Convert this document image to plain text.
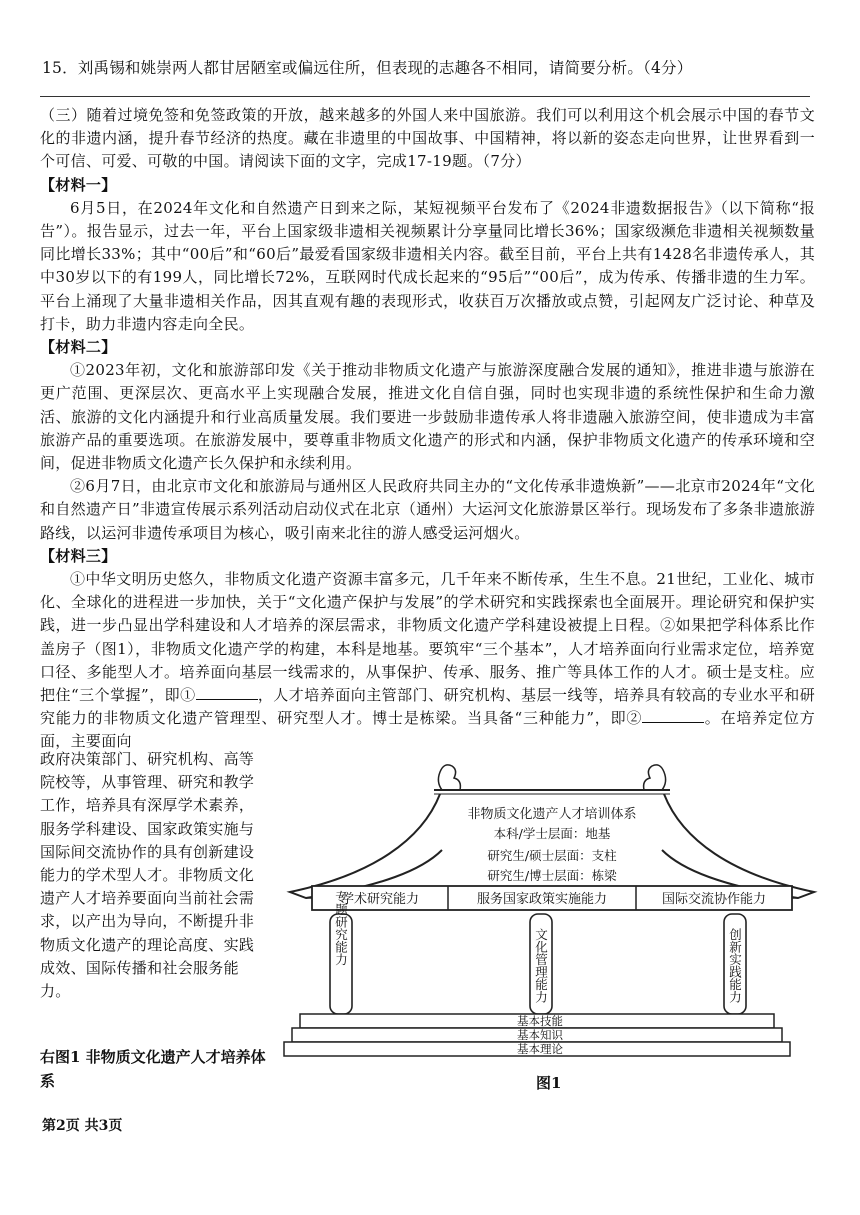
15．刘禹锡和姚崇两人都甘居陋室或偏远住所，但表现的志趣各不相同，请简要分析。（4分）

（三）随着过境免签和免签政策的开放，越来越多的外国人来中国旅游。我们可以利用这个机会展示中国的春节文化的非遗内涵，提升春节经济的热度。藏在非遗里的中国故事、中国精神，将以新的姿态走向世界，让世界看到一个可信、可爱、可敬的中国。请阅读下面的文字，完成17-19题。（7分）

【材料一】

6月5日，在2024年文化和自然遗产日到来之际，某短视频平台发布了《2024非遗数据报告》（以下简称“报告”）。报告显示，过去一年，平台上国家级非遗相关视频累计分享量同比增长36%；国家级濒危非遗相关视频数量同比增长33%；其中“00后”和“60后”最爱看国家级非遗相关内容。截至目前，平台上共有1428名非遗传承人，其中30岁以下的有199人，同比增长72%，互联网时代成长起来的“95后”“00后”，成为传承、传播非遗的生力军。平台上涌现了大量非遗相关作品，因其直观有趣的表现形式，收获百万次播放或点赞，引起网友广泛讨论、种草及打卡，助力非遗内容走向全民。

【材料二】

①2023年初，文化和旅游部印发《关于推动非物质文化遗产与旅游深度融合发展的通知》，推进非遗与旅游在更广范围、更深层次、更高水平上实现融合发展，推进文化自信自强，同时也实现非遗的系统性保护和生命力激活、旅游的文化内涵提升和行业高质量发展。我们要进一步鼓励非遗传承人将非遗融入旅游空间，使非遗成为丰富旅游产品的重要选项。在旅游发展中，要尊重非物质文化遗产的形式和内涵，保护非物质文化遗产的传承环境和空间，促进非物质文化遗产长久保护和永续利用。

②6月7日，由北京市文化和旅游局与通州区人民政府共同主办的“文化传承非遗焕新”——北京市2024年“文化和自然遗产日”非遗宣传展示系列活动启动仪式在北京（通州）大运河文化旅游景区举行。现场发布了多条非遗旅游路线，以运河非遗传承项目为核心，吸引南来北往的游人感受运河烟火。

【材料三】

①中华文明历史悠久，非物质文化遗产资源丰富多元，几千年来不断传承，生生不息。21世纪，工业化、城市化、全球化的进程进一步加快，关于“文化遗产保护与发展”的学术研究和实践探索也全面展开。理论研究和保护实践，进一步凸显出学科建设和人才培养的深层需求，非物质文化遗产学科建设被提上日程。②如果把学科体系比作盖房子（图1），非物质文化遗产学的构建，本科是地基。要筑牢“三个基本”，人才培养面向行业需求定位，培养宽口径、多能型人才。培养面向基层一线需求的，从事保护、传承、服务、推广等具体工作的人才。硕士是支柱。应把住“三个掌握”，即①	，人才培养面向主管部门、研究机构、基层一线等，培养具有较高的专业水平和研究能力的非物质文化遗产管理型、研究型人才。博士是栋梁。当具备“三种能力”，即②	。在培养定位方面，主要面向

政府决策部门、研究机构、高等院校等，从事管理、研究和教学工作，培养具有深厚学术素养，服务学科建设、国家政策实施与国际间交流协作的具有创新建设能力的学术型人才。非物质文化遗产人才培养要面向当前社会需求，以产出为导向，不断提升非物质文化遗产的理论高度、实践成效、国际传播和社会服务能力。

右图1 非物质文化遗产人才培养体系
非物质文化遗产人才培训体系
本科/学士层面：地基
研究生/硕士层面：支柱
研究生/博士层面：栋梁
学术研究能力	服务国家政策实施能力	国际交流协作能力
专题研究能力	文化管理能力	创新实践能力
基本技能
基本知识
基本理论
图1
第2页 共3页
